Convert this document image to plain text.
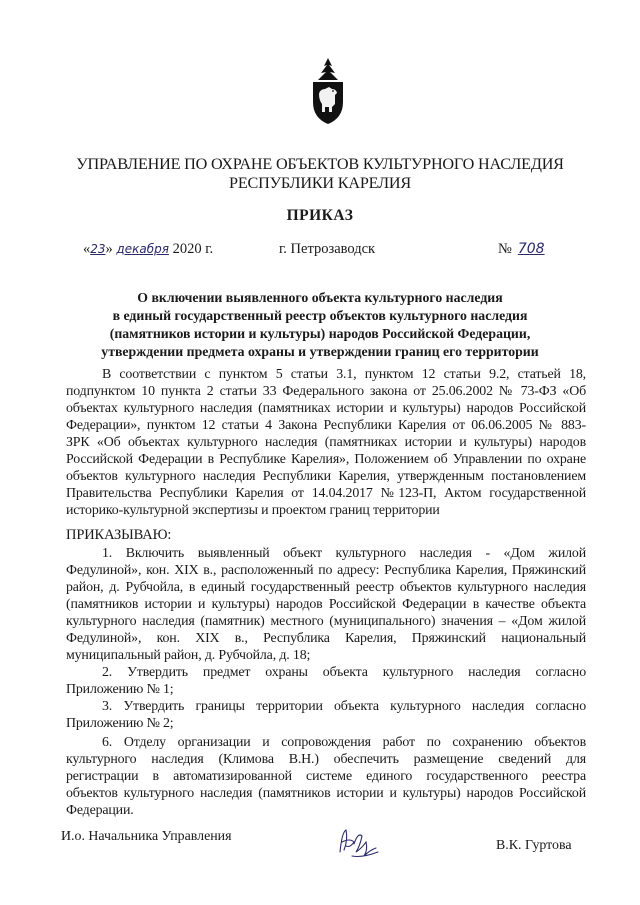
УПРАВЛЕНИЕ ПО ОХРАНЕ ОБЪЕКТОВ КУЛЬТУРНОГО НАСЛЕДИЯ
РЕСПУБЛИКИ КАРЕЛИЯ
ПРИКАЗ
«23» декабря 2020 г.	г. Петрозаводск	№ 708
О включении выявленного объекта культурного наследия
в единый государственный реестр объектов культурного наследия
(памятников истории и культуры) народов Российской Федерации,
утверждении предмета охраны и утверждении границ его территории
В соответствии с пунктом 5 статьи 3.1, пунктом 12 статьи 9.2, статьей 18,
подпунктом 10 пункта 2 статьи 33 Федерального закона от 25.06.2002 № 73-ФЗ «Об
объектах культурного наследия (памятниках истории и культуры) народов Российской
Федерации», пунктом 12 статьи 4 Закона Республики Карелия от 06.06.2005 № 883-
ЗРК «Об объектах культурного наследия (памятниках истории и культуры) народов
Российской Федерации в Республике Карелия», Положением об Управлении по охране
объектов культурного наследия Республики Карелия, утвержденным постановлением
Правительства Республики Карелия от 14.04.2017 №123-П, Актом государственной
историко-культурной экспертизы и проектом границ территории
ПРИКАЗЫВАЮ:
1. Включить выявленный объект культурного наследия - «Дом жилой
Федулиной», кон. XIX в., расположенный по адресу: Республика Карелия, Пряжинский
район, д. Рубчойла, в единый государственный реестр объектов культурного наследия
(памятников истории и культуры) народов Российской Федерации в качестве объекта
культурного наследия (памятник) местного (муниципального) значения – «Дом жилой
Федулиной», кон. XIX в., Республика Карелия, Пряжинский национальный
муниципальный район, д. Рубчойла, д. 18;
2. Утвердить предмет охраны объекта культурного наследия согласно
Приложению № 1;
3. Утвердить границы территории объекта культурного наследия согласно
Приложению № 2;
6. Отделу организации и сопровождения работ по сохранению объектов
культурного наследия (Климова В.Н.) обеспечить размещение сведений для
регистрации в автоматизированной системе единого государственного реестра
объектов культурного наследия (памятников истории и культуры) народов Российской
Федерации.
И.о. Начальника Управления
В.К. Гуртова
